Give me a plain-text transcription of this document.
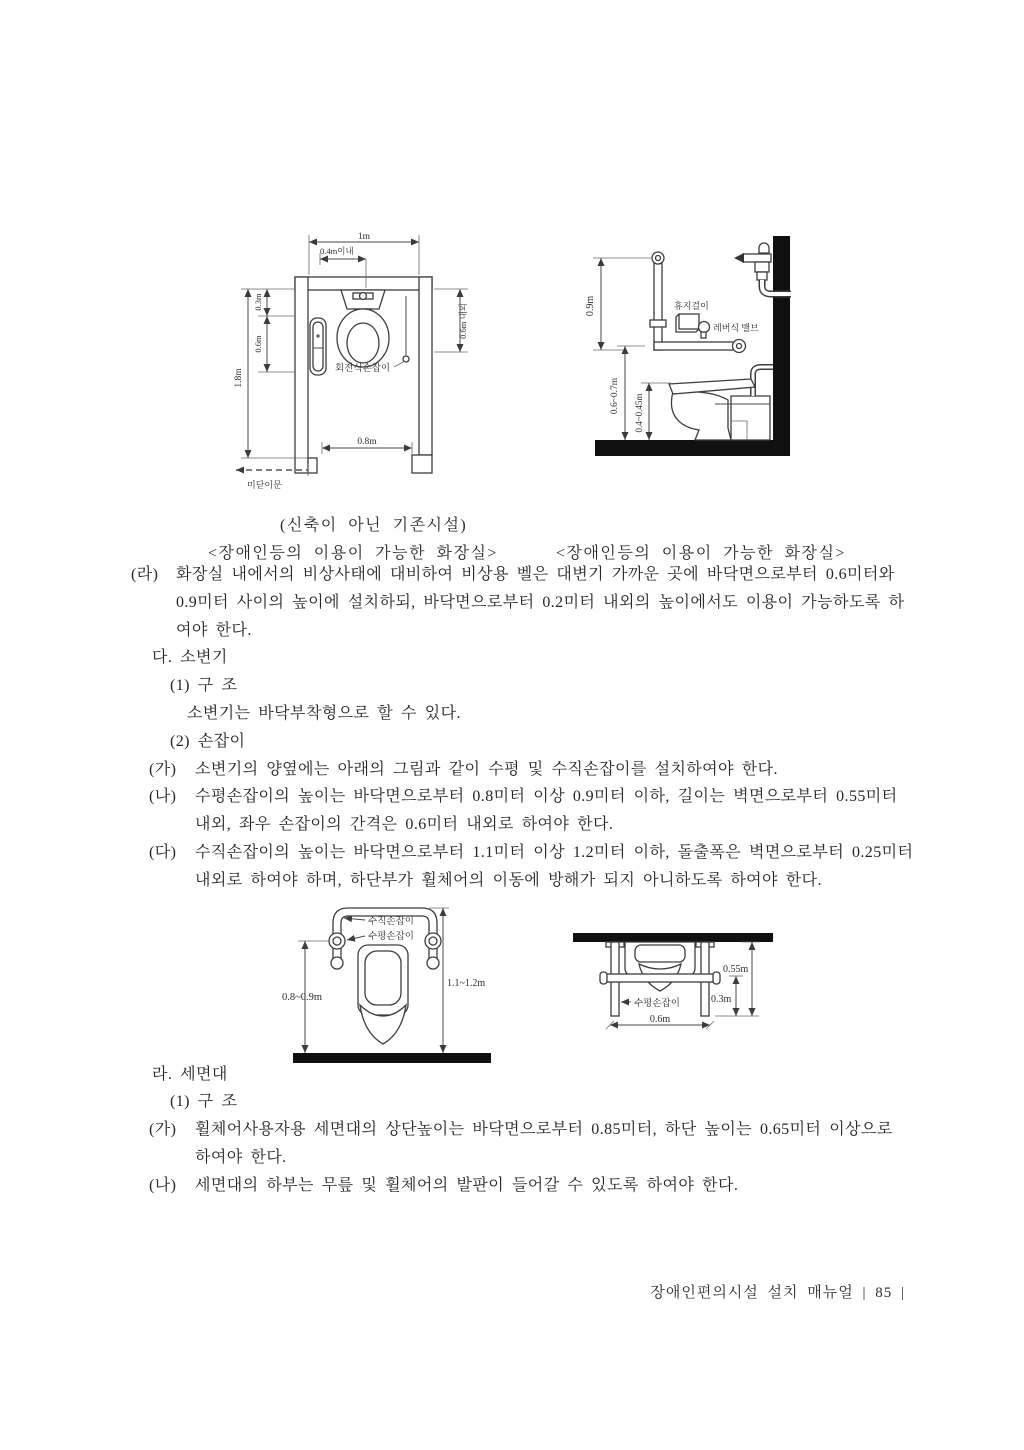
회전식손잡이
1m
0.4m이내
1.8m
0.3m
0.6m
0.6m 내외
0.8m
미닫이문
휴지걸이
레버식 밸브
0.9m
0.6~0.7m 0.4~0.45m
(신축이 아닌 기존시설)
<장애인등의 이용이 가능한 화장실>	<장애인등의 이용이 가능한 화장실>
수직손잡이
수평손잡이
0.8~0.9m
1.1~1.2m
수평손잡이
0.55m
0.3m
0.6m

(라) 화장실 내에서의 비상사태에 대비하여 비상용 벨은 대변기 가까운 곳에 바닥면으로부터 0.6미터와 0.9미터 사이의 높이에 설치하되, 바닥면으로부터 0.2미터 내외의 높이에서도 이용이 가능하도록 하여야 한다.

다. 소변기

(1) 구 조

소변기는 바닥부착형으로 할 수 있다.

(2) 손잡이

(가) 소변기의 양옆에는 아래의 그림과 같이 수평 및 수직손잡이를 설치하여야 한다.

(나) 수평손잡이의 높이는 바닥면으로부터 0.8미터 이상 0.9미터 이하, 길이는 벽면으로부터 0.55미터 내외, 좌우 손잡이의 간격은 0.6미터 내외로 하여야 한다.

(다) 수직손잡이의 높이는 바닥면으로부터 1.1미터 이상 1.2미터 이하, 돌출폭은 벽면으로부터 0.25미터 내외로 하여야 하며, 하단부가 휠체어의 이동에 방해가 되지 아니하도록 하여야 한다.

라. 세면대

(1) 구 조

(가) 휠체어사용자용 세면대의 상단높이는 바닥면으로부터 0.85미터, 하단 높이는 0.65미터 이상으로 하여야 한다.

(나) 세면대의 하부는 무릎 및 휠체어의 발판이 들어갈 수 있도록 하여야 한다.

장애인편의시설 설치 매뉴얼 | 85 |
